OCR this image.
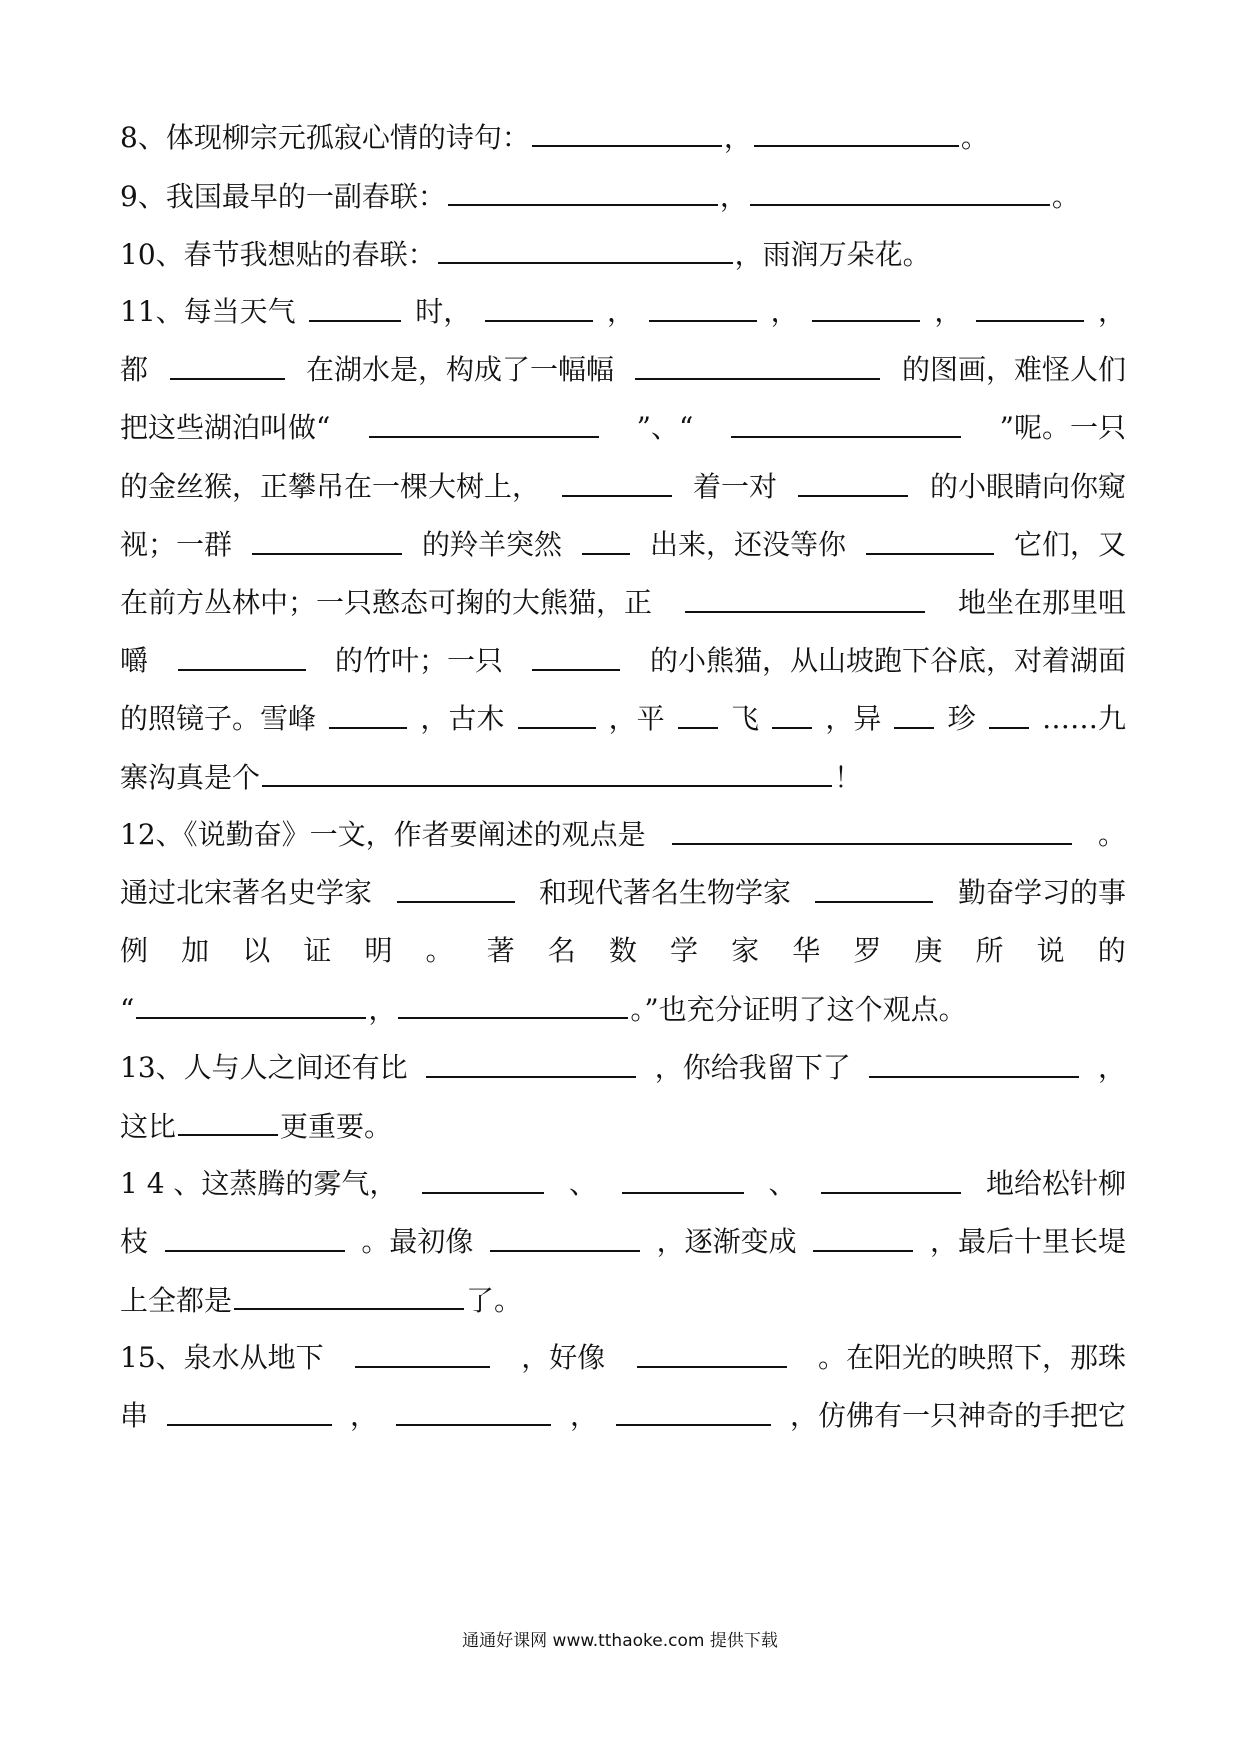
8、体现柳宗元孤寂心情的诗句：	，	。
9、我国最早的一副春联：	，	。
10、春节我想贴的春联：	，雨润万朵花。
11、每当天气	时，	，	，	，	，
都	在湖水是，构成了一幅幅	的图画，难怪人们
把这些湖泊叫做“	”、“	”呢。一只
的金丝猴，正攀吊在一棵大树上，	着一对	的小眼睛向你窥
视；一群	的羚羊突然	出来，还没等你	它们，又
在前方丛林中；一只憨态可掬的大熊猫，正	地坐在那里咀
嚼	的竹叶；一只	的小熊猫，从山坡跑下谷底，对着湖面
的照镜子。雪峰	，古木	，平 飞 ，异 珍 ……九
寨沟真是个	！
12、《说勤奋》一文，作者要阐述的观点是	。
通过北宋著名史学家	和现代著名生物学家	勤奋学习的事
例 加 以 证 明 。 著 名 数 学 家 华 罗 庚 所 说 的
“	，	。”也充分证明了这个观点。
13、人与人之间还有比	，你给我留下了	，
这比	更重要。
1 4 、这蒸腾的雾气，	、	、	地给松针柳
枝	。最初像	，逐渐变成	，最后十里长堤
上全都是	了。
15、泉水从地下	，好像	。在阳光的映照下，那珠
串	，	，	，仿佛有一只神奇的手把它
通通好课网 www.tthaoke.com 提供下载
